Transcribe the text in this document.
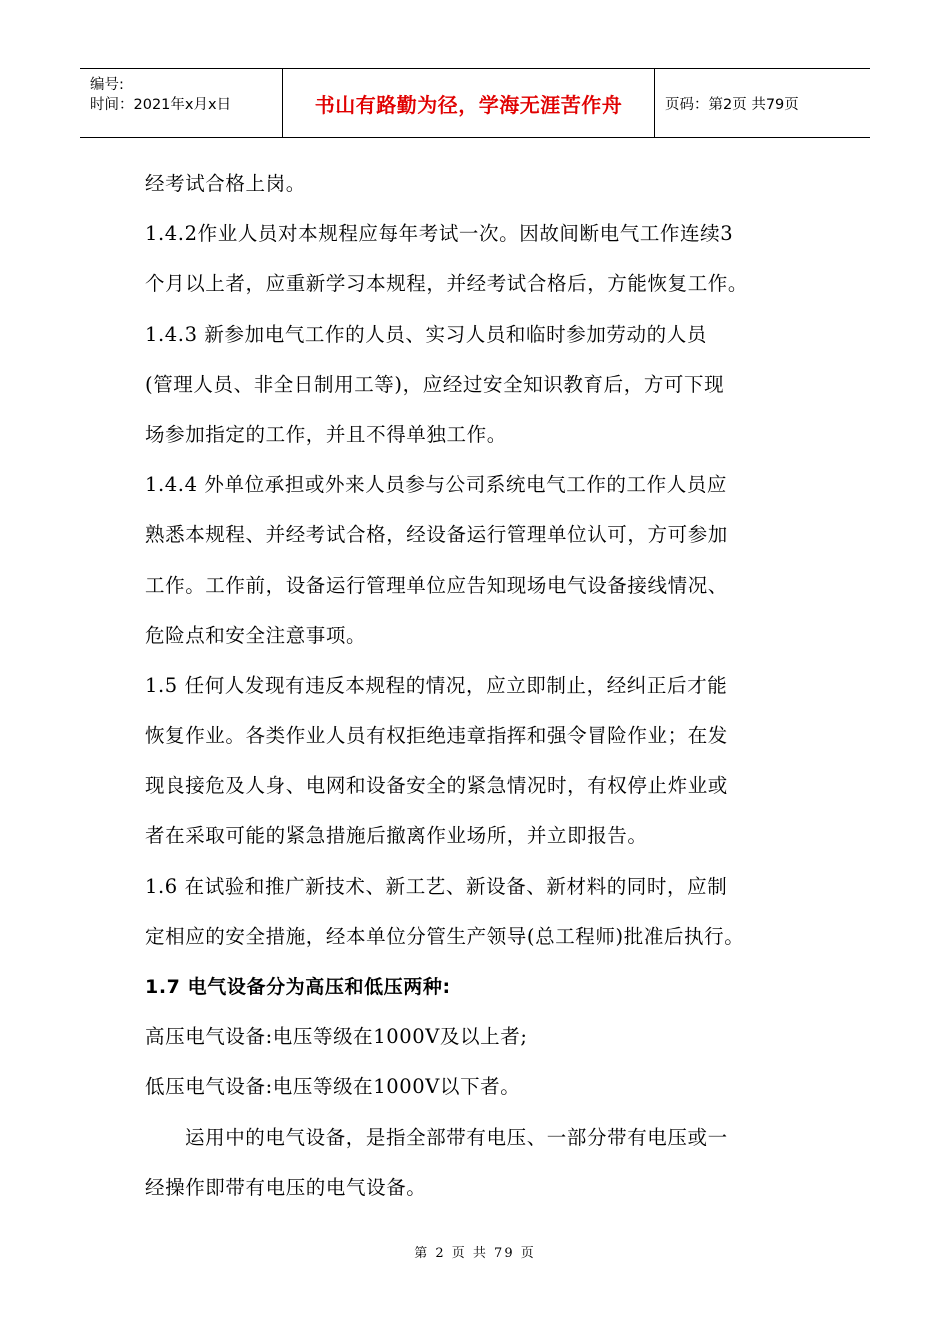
编号:
时间：2021年x月x日	书山有路勤为径，学海无涯苦作舟	页码：第2页 共79页
经考试合格上岗。
1.4.2作业人员对本规程应每年考试一次。因故间断电气工作连续3
个月以上者，应重新学习本规程，并经考试合格后，方能恢复工作。
1.4.3 新参加电气工作的人员、实习人员和临时参加劳动的人员
(管理人员、非全日制用工等)，应经过安全知识教育后，方可下现
场参加指定的工作，并且不得单独工作。
1.4.4 外单位承担或外来人员参与公司系统电气工作的工作人员应
熟悉本规程、并经考试合格，经设备运行管理单位认可，方可参加
工作。工作前，设备运行管理单位应告知现场电气设备接线情况、
危险点和安全注意事项。
1.5 任何人发现有违反本规程的情况，应立即制止，经纠正后才能
恢复作业。各类作业人员有权拒绝违章指挥和强令冒险作业；在发
现良接危及人身、电网和设备安全的紧急情况时，有权停止炸业或
者在采取可能的紧急措施后撤离作业场所，并立即报告。
1.6 在试验和推广新技术、新工艺、新设备、新材料的同时，应制
定相应的安全措施，经本单位分管生产领导(总工程师)批准后执行。
1.7 电气设备分为高压和低压两种:
高压电气设备:电压等级在1000V及以上者;
低压电气设备:电压等级在1000V以下者。
运用中的电气设备，是指全部带有电压、一部分带有电压或一
经操作即带有电压的电气设备。
第 2 页 共 79 页
